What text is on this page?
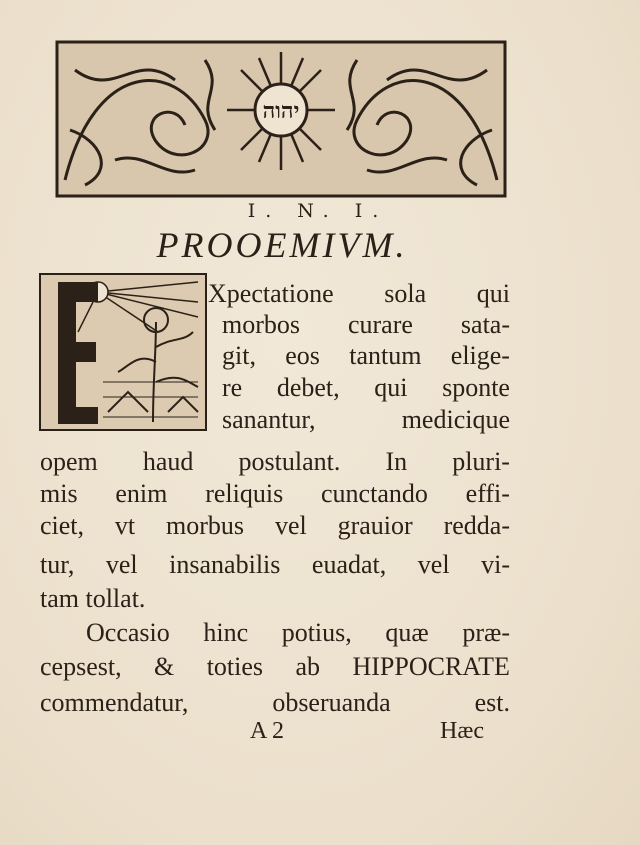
יהוה
I. N. I.
PROOEMIVM.
Xpectatione sola qui
morbos curare sata-
git, eos tantum elige-
re debet, qui sponte
sanantur,	medicique
opem haud postulant. In pluri-
mis enim reliquis cunctando effi-
ciet, vt morbus vel grauior redda-
tur, vel insanabilis euadat, vel vi-
tam tollat.
Occasio hinc potius, quæ præ-
cepsest, & toties ab HIPPOCRATE
commendatur,	obseruanda	est.
A 2	Hæc
